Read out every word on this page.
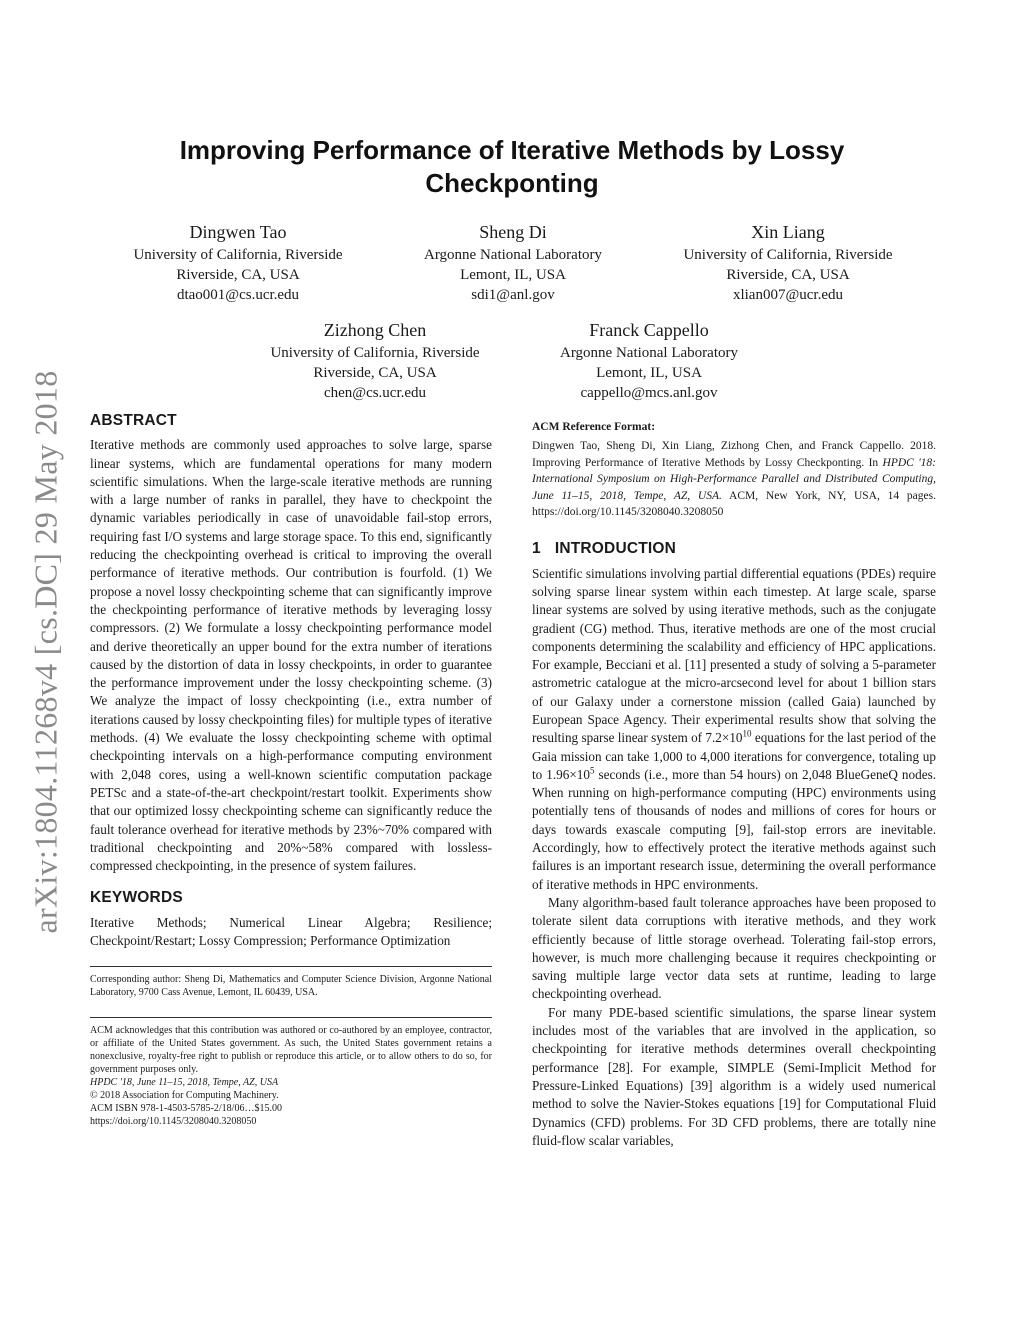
arXiv:1804.11268v4 [cs.DC] 29 May 2018
Improving Performance of Iterative Methods by Lossy Checkponting
Dingwen Tao
University of California, Riverside
Riverside, CA, USA
dtao001@cs.ucr.edu
Sheng Di
Argonne National Laboratory
Lemont, IL, USA
sdi1@anl.gov
Xin Liang
University of California, Riverside
Riverside, CA, USA
xlian007@ucr.edu
Zizhong Chen
University of California, Riverside
Riverside, CA, USA
chen@cs.ucr.edu
Franck Cappello
Argonne National Laboratory
Lemont, IL, USA
cappello@mcs.anl.gov
ABSTRACT

Iterative methods are commonly used approaches to solve large, sparse linear systems, which are fundamental operations for many modern scientific simulations. When the large-scale iterative methods are running with a large number of ranks in parallel, they have to checkpoint the dynamic variables periodically in case of unavoidable fail-stop errors, requiring fast I/O systems and large storage space. To this end, significantly reducing the checkpointing overhead is critical to improving the overall performance of iterative methods. Our contribution is fourfold. (1) We propose a novel lossy checkpointing scheme that can significantly improve the checkpointing performance of iterative methods by leveraging lossy compressors. (2) We formulate a lossy checkpointing performance model and derive theoretically an upper bound for the extra number of iterations caused by the distortion of data in lossy checkpoints, in order to guarantee the performance improvement under the lossy checkpointing scheme. (3) We analyze the impact of lossy checkpointing (i.e., extra number of iterations caused by lossy checkpointing files) for multiple types of iterative methods. (4) We evaluate the lossy checkpointing scheme with optimal checkpointing intervals on a high-performance computing environment with 2,048 cores, using a well-known scientific computation package PETSc and a state-of-the-art checkpoint/restart toolkit. Experiments show that our optimized lossy checkpointing scheme can significantly reduce the fault tolerance overhead for iterative methods by 23%~70% compared with traditional checkpointing and 20%~58% compared with lossless-compressed checkpointing, in the presence of system failures.

KEYWORDS

Iterative Methods; Numerical Linear Algebra; Resilience; Checkpoint/Restart; Lossy Compression; Performance Optimization

Corresponding author: Sheng Di, Mathematics and Computer Science Division, Argonne National Laboratory, 9700 Cass Avenue, Lemont, IL 60439, USA.

ACM acknowledges that this contribution was authored or co-authored by an employee, contractor, or affiliate of the United States government. As such, the United States government retains a nonexclusive, royalty-free right to publish or reproduce this article, or to allow others to do so, for government purposes only.

HPDC '18, June 11–15, 2018, Tempe, AZ, USA

© 2018 Association for Computing Machinery.

ACM ISBN 978-1-4503-5785-2/18/06…$15.00

https://doi.org/10.1145/3208040.3208050

ACM Reference Format:

Dingwen Tao, Sheng Di, Xin Liang, Zizhong Chen, and Franck Cappello. 2018. Improving Performance of Iterative Methods by Lossy Checkponting. In HPDC '18: International Symposium on High-Performance Parallel and Distributed Computing, June 11–15, 2018, Tempe, AZ, USA. ACM, New York, NY, USA, 14 pages. https://doi.org/10.1145/3208040.3208050

1 INTRODUCTION

Scientific simulations involving partial differential equations (PDEs) require solving sparse linear system within each timestep. At large scale, sparse linear systems are solved by using iterative methods, such as the conjugate gradient (CG) method. Thus, iterative methods are one of the most crucial components determining the scalability and efficiency of HPC applications. For example, Becciani et al. [11] presented a study of solving a 5-parameter astrometric catalogue at the micro-arcsecond level for about 1 billion stars of our Galaxy under a cornerstone mission (called Gaia) launched by European Space Agency. Their experimental results show that solving the resulting sparse linear system of $7.2\times 10^{10}$ equations for the last period of the Gaia mission can take 1,000 to 4,000 iterations for convergence, totaling up to $1.96\times 10^5$ seconds (i.e., more than 54 hours) on 2,048 BlueGeneQ nodes. When running on high-performance computing (HPC) environments using potentially tens of thousands of nodes and millions of cores for hours or days towards exascale computing [9], fail-stop errors are inevitable. Accordingly, how to effectively protect the iterative methods against such failures is an important research issue, determining the overall performance of iterative methods in HPC environments.

Many algorithm-based fault tolerance approaches have been proposed to tolerate silent data corruptions with iterative methods, and they work efficiently because of little storage overhead. Tolerating fail-stop errors, however, is much more challenging because it requires checkpointing or saving multiple large vector data sets at runtime, leading to large checkpointing overhead.

For many PDE-based scientific simulations, the sparse linear system includes most of the variables that are involved in the application, so checkpointing for iterative methods determines overall checkpointing performance [28]. For example, SIMPLE (Semi-Implicit Method for Pressure-Linked Equations) [39] algorithm is a widely used numerical method to solve the Navier-Stokes equations [19] for Computational Fluid Dynamics (CFD) problems. For 3D CFD problems, there are totally nine fluid-flow scalar variables,
